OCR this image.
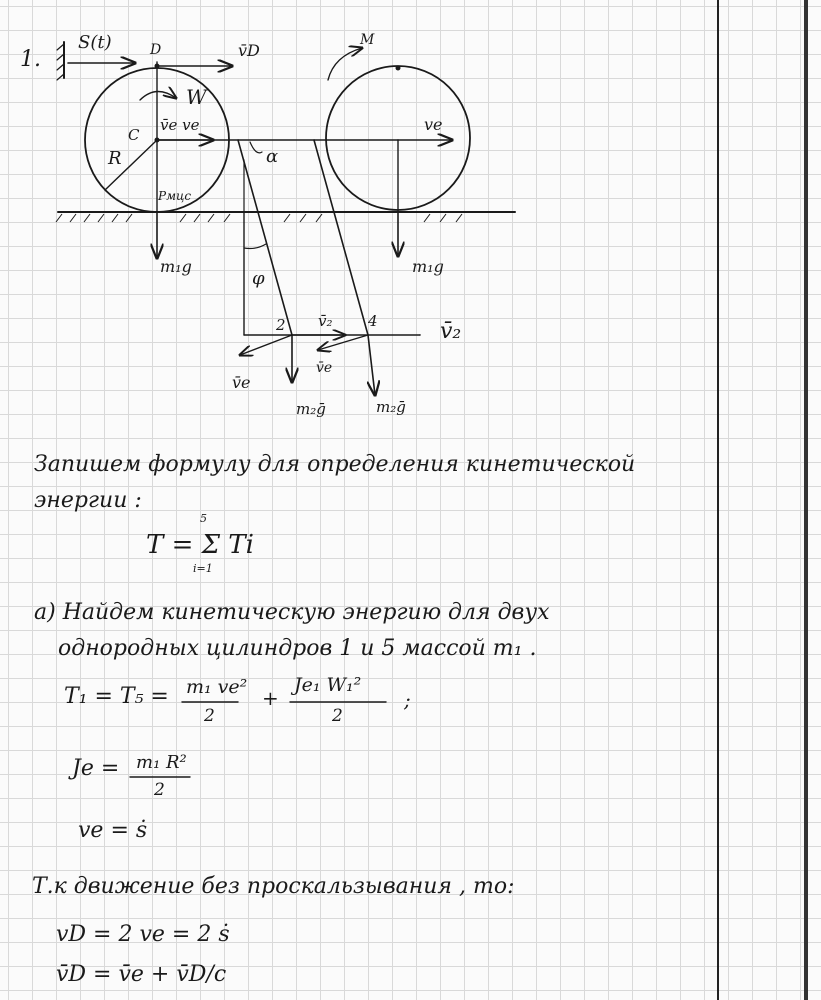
1.
S(t)	D	v̄D
W
v̄e ve
C
R
Pмцс
m₁g
α
M
ve
m₁g
φ
2 v̄₂ 4	v̄₂
v̄e
v̄e
m₂ḡ	m₂ḡ
Запишем формулу для определения кинетической
энергии :
T = Σ Ti
5
i=1
а) Найдем кинетическую энергию для двух
однородных цилиндров 1 и 5 массой m₁ .
T₁ = T₅ = m₁ ve²
2
+
Je₁ W₁²
2
;
Je = m₁ R²
2
ve = ṡ
Т.к движение без проскальзывания , то:
vD = 2 ve = 2 ṡ
v̄D = v̄e + v̄D/c
